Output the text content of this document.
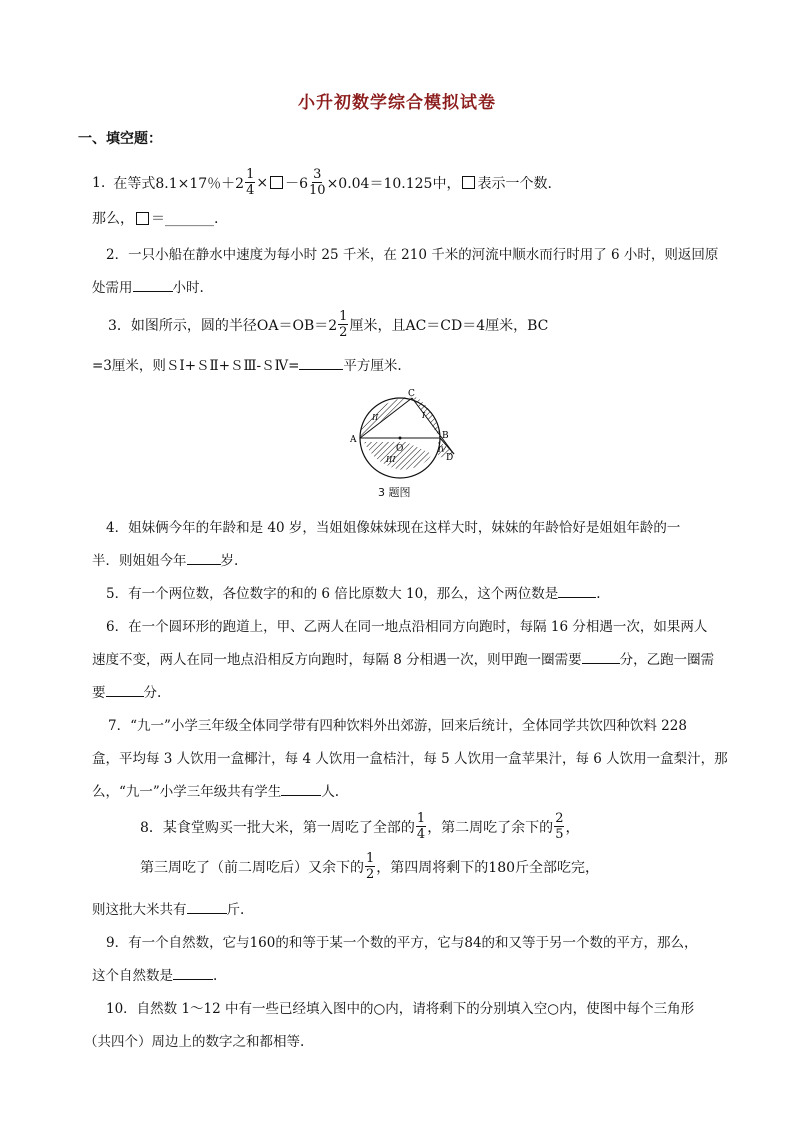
小升初数学综合模拟试卷
一、填空题：
1. 在等式8.1×17％$+2 \frac{1}{4} \times -6 \frac{3}{10} \times 0.04=10.125$中， 表示一个数.
那么， ＝_______.
2．一只小船在静水中速度为每小时 25 千米，在 210 千米的河流中顺水而行时用了 6 小时，则返回原
处需用	小时.
3．如图所示，圆的半径$OA=OB=2 \frac{1}{2}$ 厘米，且AC＝CD＝4厘米，BC
=3厘米，则ＳⅠ+ＳⅡ+ＳⅢ-ＳⅣ=	平方厘米.
A	B
C
D
O
I
II
III
IV
3 题图
4．姐妹俩今年的年龄和是 40 岁，当姐姐像妹妹现在这样大时，妹妹的年龄恰好是姐姐年龄的一
半．则姐姐今年	岁.
5．有一个两位数，各位数字的和的 6 倍比原数大 10，那么，这个两位数是	.
6．在一个圆环形的跑道上，甲、乙两人在同一地点沿相同方向跑时，每隔 16 分相遇一次，如果两人
速度不变，两人在同一地点沿相反方向跑时，每隔 8 分相遇一次，则甲跑一圈需要	分，乙跑一圈需
要	分.
7．“九一”小学三年级全体同学带有四种饮料外出郊游，回来后统计，全体同学共饮四种饮料 228
盒，平均每 3 人饮用一盒椰汁，每 4 人饮用一盒桔汁，每 5 人饮用一盒苹果汁，每 6 人饮用一盒梨汁，那
么，“九一”小学三年级共有学生	人.
8．某食堂购买一批大米，第一周吃了全部的 $\frac{1}{4}$ ，第二周吃了余下的 $\frac{2}{5}$ ，
第三周吃了（前二周吃后）又余下的 $\frac{1}{2}$ ，第四周将剩下的180斤全部吃完，
则这批大米共有	斤.
9．有一个自然数，它与160的和等于某一个数的平方，它与84的和又等于另一个数的平方，那么，
这个自然数是	.
10．自然数 1～12 中有一些已经填入图中的○内，请将剩下的分别填入空○内，使图中每个三角形
（共四个）周边上的数字之和都相等.
